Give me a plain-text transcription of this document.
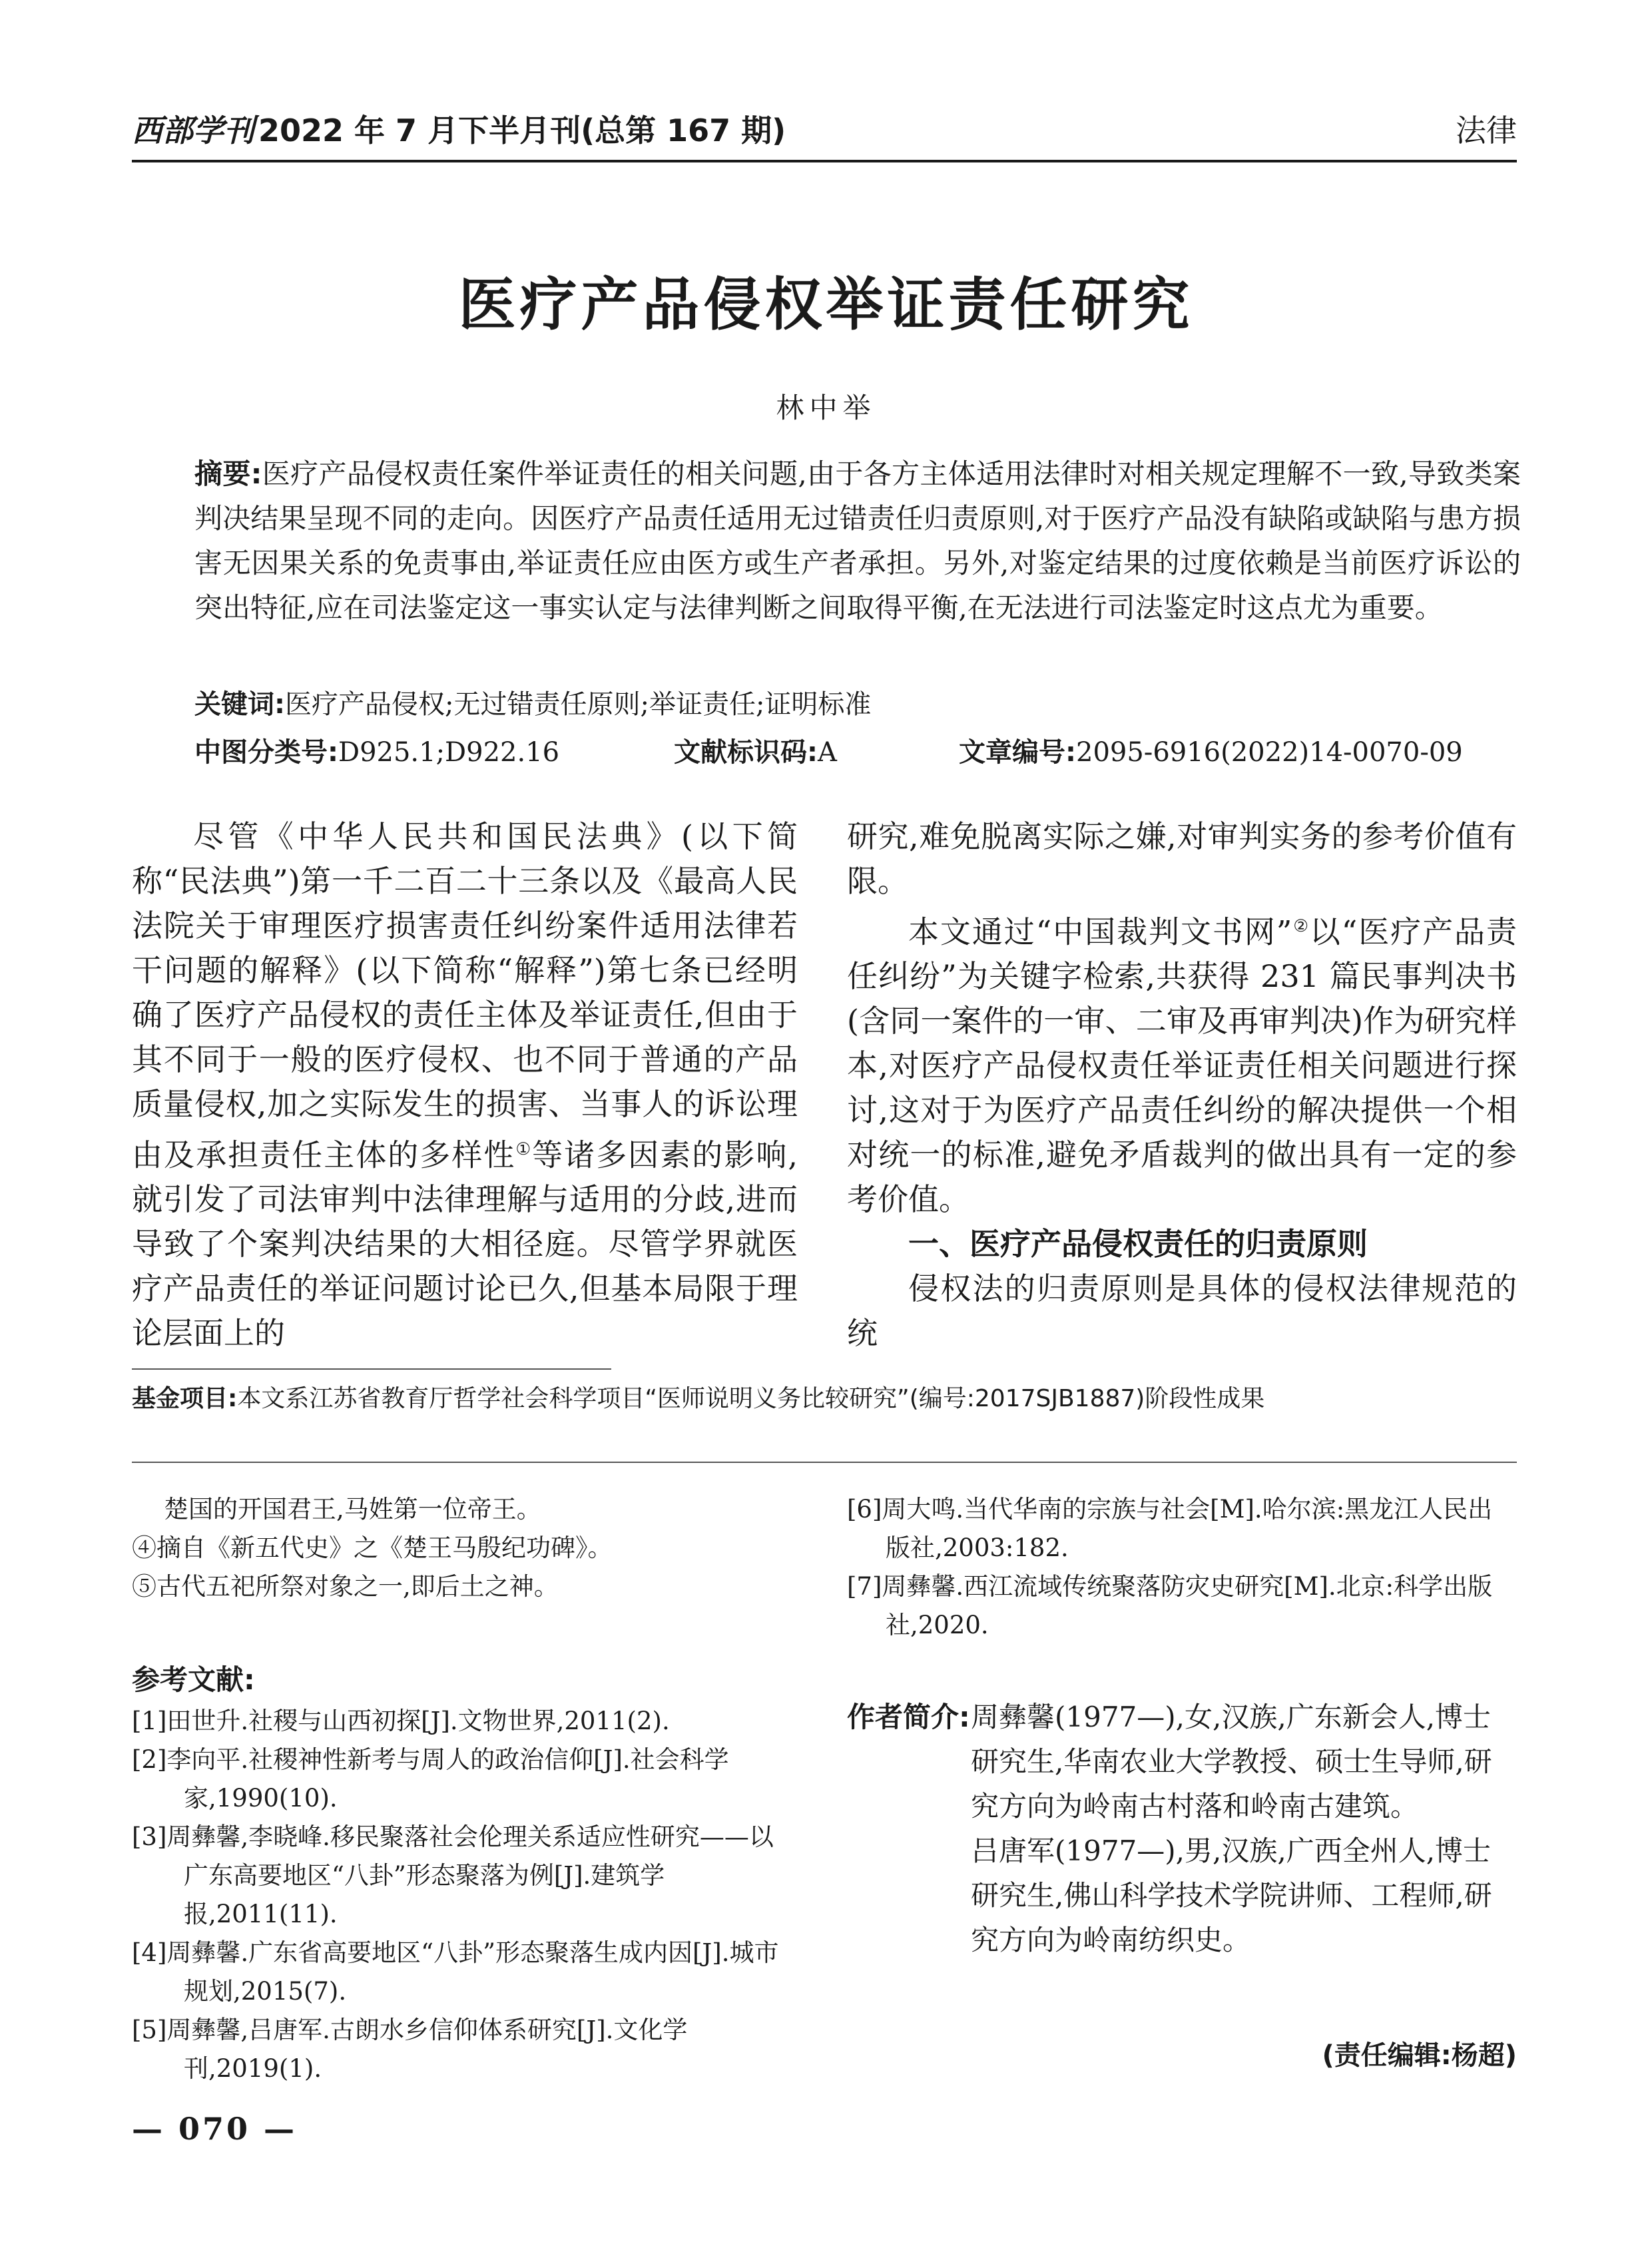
西部学刊 2022 年 7 月下半月刊(总第 167 期)	法律
医疗产品侵权举证责任研究
林中举
摘要:医疗产品侵权责任案件举证责任的相关问题,由于各方主体适用法律时对相关规定理解不一致,导致类案判决结果呈现不同的走向。因医疗产品责任适用无过错责任归责原则,对于医疗产品没有缺陷或缺陷与患方损害无因果关系的免责事由,举证责任应由医方或生产者承担。另外,对鉴定结果的过度依赖是当前医疗诉讼的突出特征,应在司法鉴定这一事实认定与法律判断之间取得平衡,在无法进行司法鉴定时这点尤为重要。
关键词:医疗产品侵权;无过错责任原则;举证责任;证明标准
中图分类号:D925.1;D922.16	文献标识码:A	文章编号:2095-6916(2022)14-0070-09

尽管《中华人民共和国民法典》(以下简称“民法典”)第一千二百二十三条以及《最高人民法院关于审理医疗损害责任纠纷案件适用法律若干问题的解释》(以下简称“解释”)第七条已经明确了医疗产品侵权的责任主体及举证责任,但由于其不同于一般的医疗侵权、也不同于普通的产品质量侵权,加之实际发生的损害、当事人的诉讼理由及承担责任主体的多样性①等诸多因素的影响,就引发了司法审判中法律理解与适用的分歧,进而导致了个案判决结果的大相径庭。尽管学界就医疗产品责任的举证问题讨论已久,但基本局限于理论层面上的

研究,难免脱离实际之嫌,对审判实务的参考价值有限。

本文通过“中国裁判文书网”②以“医疗产品责任纠纷”为关键字检索,共获得 231 篇民事判决书(含同一案件的一审、二审及再审判决)作为研究样本,对医疗产品侵权责任举证责任相关问题进行探讨,这对于为医疗产品责任纠纷的解决提供一个相对统一的标准,避免矛盾裁判的做出具有一定的参考价值。

一、医疗产品侵权责任的归责原则

侵权法的归责原则是具体的侵权法律规范的统

基金项目:本文系江苏省教育厅哲学社会科学项目“医师说明义务比较研究”(编号:2017SJB1887)阶段性成果
楚国的开国君王,马姓第一位帝王。
④摘自《新五代史》之《楚王马殷纪功碑》。
⑤古代五祀所祭对象之一,即后土之神。
参考文献:
[1]田世升.社稷与山西初探[J].文物世界,2011(2).
[2]李向平.社稷神性新考与周人的政治信仰[J].社会科学家,1990(10).
[3]周彝馨,李晓峰.移民聚落社会伦理关系适应性研究——以广东高要地区“八卦”形态聚落为例[J].建筑学报,2011(11).
[4]周彝馨.广东省高要地区“八卦”形态聚落生成内因[J].城市规划,2015(7).
[5]周彝馨,吕唐军.古朗水乡信仰体系研究[J].文化学刊,2019(1).
[6]周大鸣.当代华南的宗族与社会[M].哈尔滨:黑龙江人民出版社,2003:182.
[7]周彝馨.西江流域传统聚落防灾史研究[M].北京:科学出版社,2020.
作者简介: 周彝馨(1977—),女,汉族,广东新会人,博士研究生,华南农业大学教授、硕士生导师,研究方向为岭南古村落和岭南古建筑。
吕唐军(1977—),男,汉族,广西全州人,博士研究生,佛山科学技术学院讲师、工程师,研究方向为岭南纺织史。
(责任编辑:杨超)
— 070 —
